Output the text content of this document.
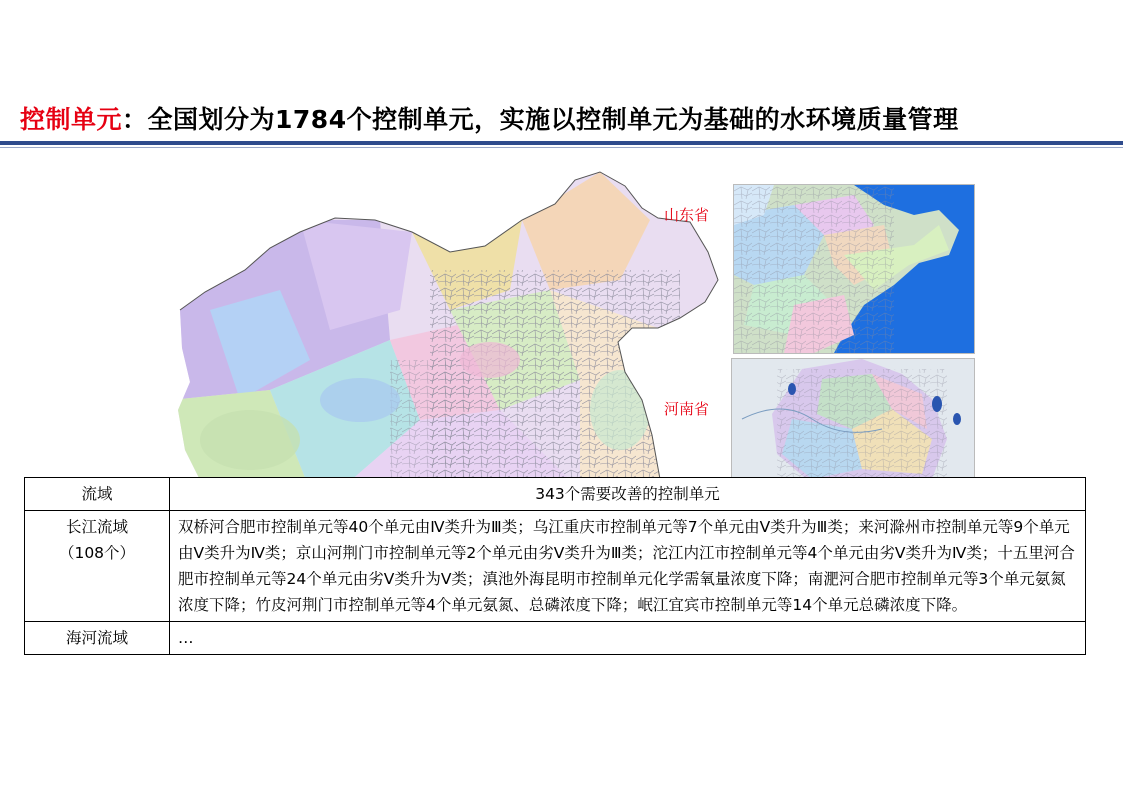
控制单元：全国划分为1784个控制单元，实施以控制单元为基础的水环境质量管理
山东省
河南省
流域	343个需要改善的控制单元

长江流域
（108个）	双桥河合肥市控制单元等40个单元由Ⅳ类升为Ⅲ类；乌江重庆市控制单元等7个单元由Ⅴ类升为Ⅲ类；来河滁州市控制单元等9个单元由Ⅴ类升为Ⅳ类；京山河荆门市控制单元等2个单元由劣Ⅴ类升为Ⅲ类；沱江内江市控制单元等4个单元由劣Ⅴ类升为Ⅳ类；十五里河合肥市控制单元等24个单元由劣Ⅴ类升为Ⅴ类；滇池外海昆明市控制单元化学需氧量浓度下降；南淝河合肥市控制单元等3个单元氨氮浓度下降；竹皮河荆门市控制单元等4个单元氨氮、总磷浓度下降；岷江宜宾市控制单元等14个单元总磷浓度下降。

海河流域	…
